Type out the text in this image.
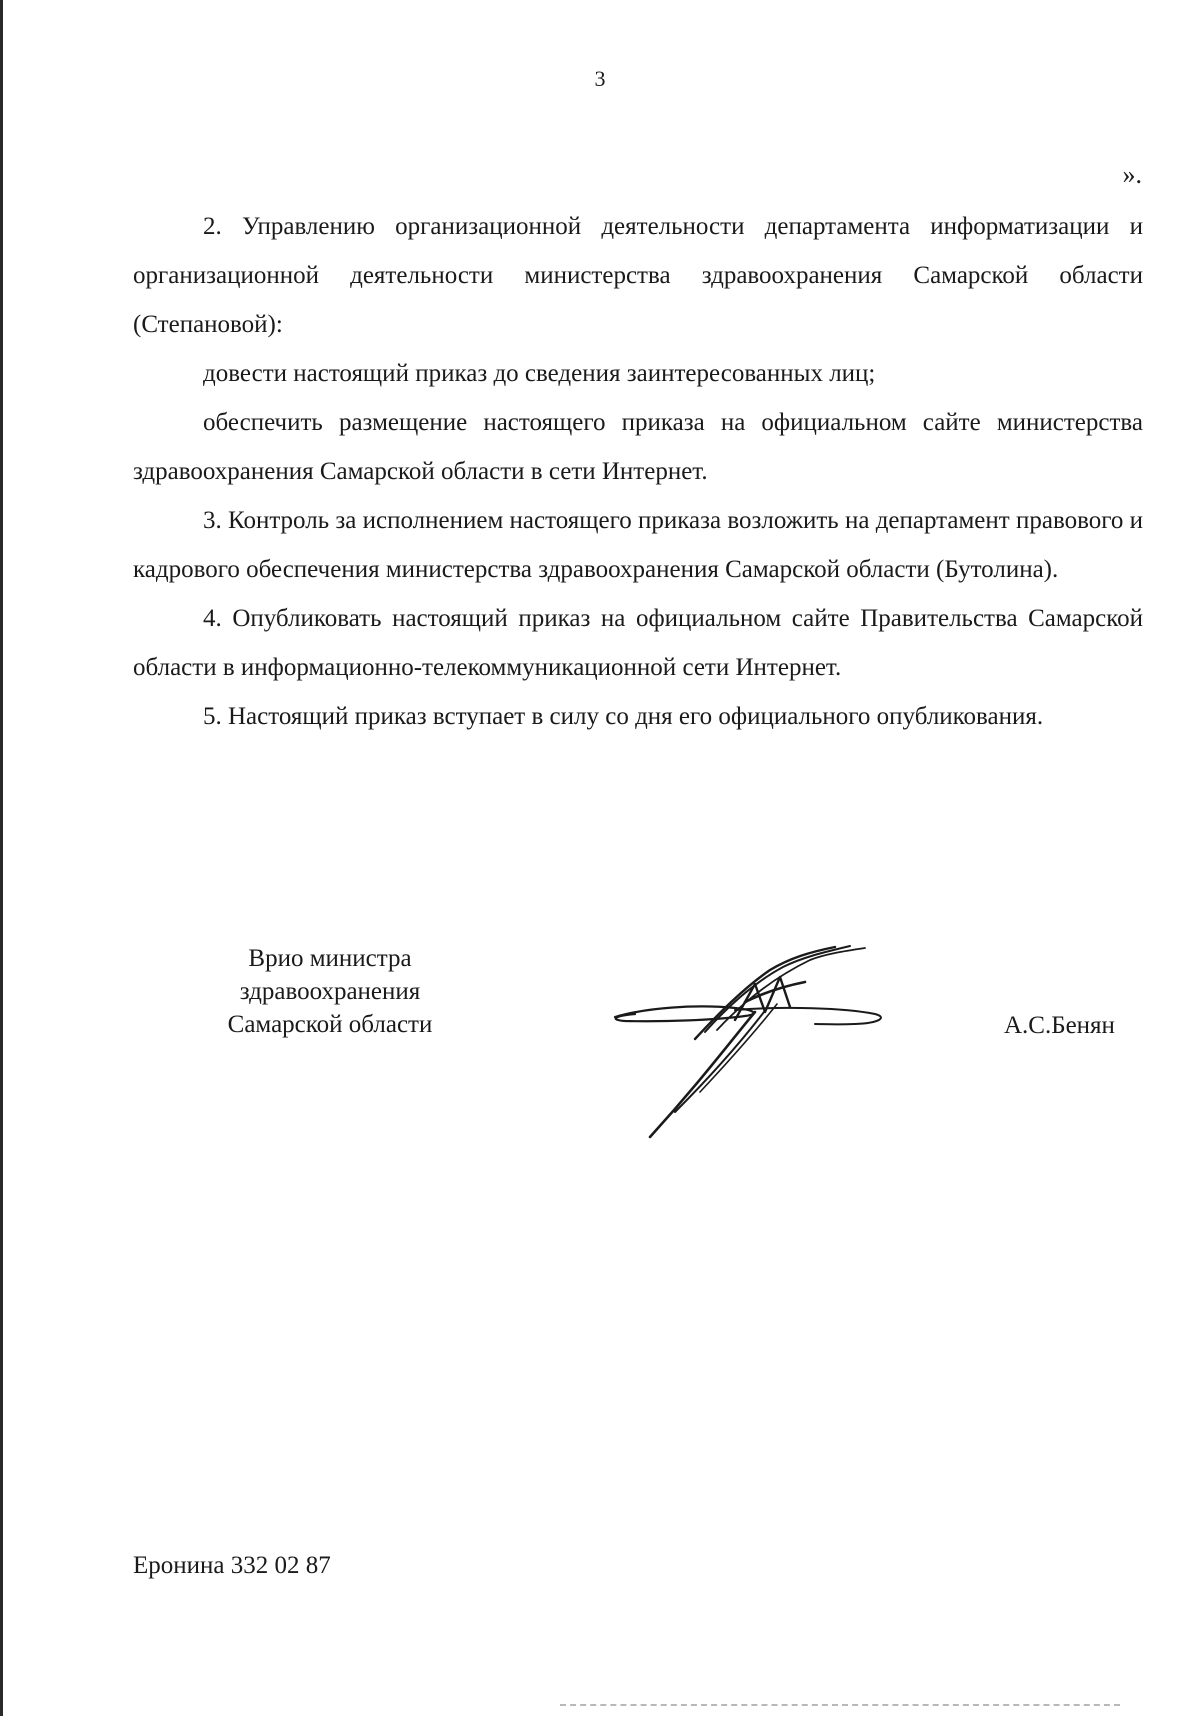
3
».

2. Управлению организационной деятельности департамента информатизации и организационной деятельности министерства здравоохранения Самарской области (Степановой):

довести настоящий приказ до сведения заинтересованных лиц;

обеспечить размещение настоящего приказа на официальном сайте министерства здравоохранения Самарской области в сети Интернет.

3. Контроль за исполнением настоящего приказа возложить на департамент правового и кадрового обеспечения министерства здравоохранения Самарской области (Бутолина).

4. Опубликовать настоящий приказ на официальном сайте Правительства Самарской области в информационно-телекоммуникационной сети Интернет.

5. Настоящий приказ вступает в силу со дня его официального опубликования.

Врио министра
здравоохранения
Самарской области	А.С.Бенян
Еронина 332 02 87
